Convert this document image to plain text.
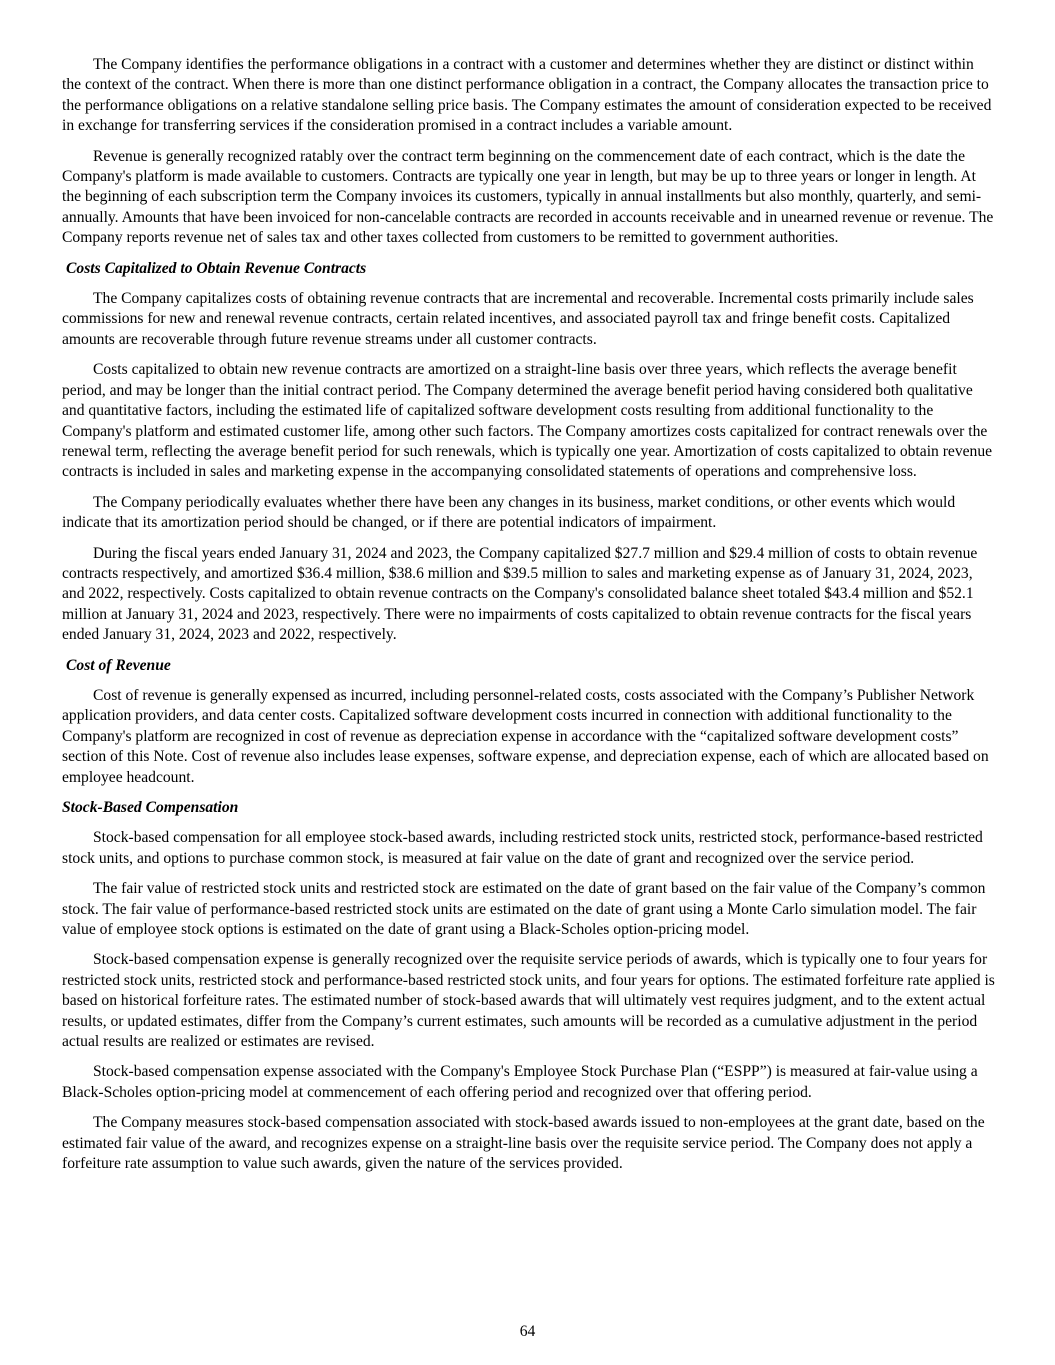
The Company identifies the performance obligations in a contract with a customer and determines whether they are distinct or distinct within the context of the contract. When there is more than one distinct performance obligation in a contract, the Company allocates the transaction price to the performance obligations on a relative standalone selling price basis. The Company estimates the amount of consideration expected to be received in exchange for transferring services if the consideration promised in a contract includes a variable amount.

Revenue is generally recognized ratably over the contract term beginning on the commencement date of each contract, which is the date the Company's platform is made available to customers. Contracts are typically one year in length, but may be up to three years or longer in length. At the beginning of each subscription term the Company invoices its customers, typically in annual installments but also monthly, quarterly, and semi-annually. Amounts that have been invoiced for non-cancelable contracts are recorded in accounts receivable and in unearned revenue or revenue. The Company reports revenue net of sales tax and other taxes collected from customers to be remitted to government authorities.

Costs Capitalized to Obtain Revenue Contracts

The Company capitalizes costs of obtaining revenue contracts that are incremental and recoverable. Incremental costs primarily include sales commissions for new and renewal revenue contracts, certain related incentives, and associated payroll tax and fringe benefit costs. Capitalized amounts are recoverable through future revenue streams under all customer contracts.

Costs capitalized to obtain new revenue contracts are amortized on a straight-line basis over three years, which reflects the average benefit period, and may be longer than the initial contract period. The Company determined the average benefit period having considered both qualitative and quantitative factors, including the estimated life of capitalized software development costs resulting from additional functionality to the Company's platform and estimated customer life, among other such factors. The Company amortizes costs capitalized for contract renewals over the renewal term, reflecting the average benefit period for such renewals, which is typically one year. Amortization of costs capitalized to obtain revenue contracts is included in sales and marketing expense in the accompanying consolidated statements of operations and comprehensive loss.

The Company periodically evaluates whether there have been any changes in its business, market conditions, or other events which would indicate that its amortization period should be changed, or if there are potential indicators of impairment.

During the fiscal years ended January 31, 2024 and 2023, the Company capitalized $27.7 million and $29.4 million of costs to obtain revenue contracts respectively, and amortized $36.4 million, $38.6 million and $39.5 million to sales and marketing expense as of January 31, 2024, 2023, and 2022, respectively. Costs capitalized to obtain revenue contracts on the Company's consolidated balance sheet totaled $43.4 million and $52.1 million at January 31, 2024 and 2023, respectively. There were no impairments of costs capitalized to obtain revenue contracts for the fiscal years ended January 31, 2024, 2023 and 2022, respectively.

Cost of Revenue

Cost of revenue is generally expensed as incurred, including personnel-related costs, costs associated with the Company’s Publisher Network application providers, and data center costs. Capitalized software development costs incurred in connection with additional functionality to the Company's platform are recognized in cost of revenue as depreciation expense in accordance with the “capitalized software development costs” section of this Note. Cost of revenue also includes lease expenses, software expense, and depreciation expense, each of which are allocated based on employee headcount.

Stock-Based Compensation

Stock-based compensation for all employee stock-based awards, including restricted stock units, restricted stock, performance-based restricted stock units, and options to purchase common stock, is measured at fair value on the date of grant and recognized over the service period.

The fair value of restricted stock units and restricted stock are estimated on the date of grant based on the fair value of the Company’s common stock. The fair value of performance-based restricted stock units are estimated on the date of grant using a Monte Carlo simulation model. The fair value of employee stock options is estimated on the date of grant using a Black-Scholes option-pricing model.

Stock-based compensation expense is generally recognized over the requisite service periods of awards, which is typically one to four years for restricted stock units, restricted stock and performance-based restricted stock units, and four years for options. The estimated forfeiture rate applied is based on historical forfeiture rates. The estimated number of stock-based awards that will ultimately vest requires judgment, and to the extent actual results, or updated estimates, differ from the Company’s current estimates, such amounts will be recorded as a cumulative adjustment in the period actual results are realized or estimates are revised.

Stock-based compensation expense associated with the Company's Employee Stock Purchase Plan (“ESPP”) is measured at fair-value using a Black-Scholes option-pricing model at commencement of each offering period and recognized over that offering period.

The Company measures stock-based compensation associated with stock-based awards issued to non-employees at the grant date, based on the estimated fair value of the award, and recognizes expense on a straight-line basis over the requisite service period. The Company does not apply a forfeiture rate assumption to value such awards, given the nature of the services provided.

64
